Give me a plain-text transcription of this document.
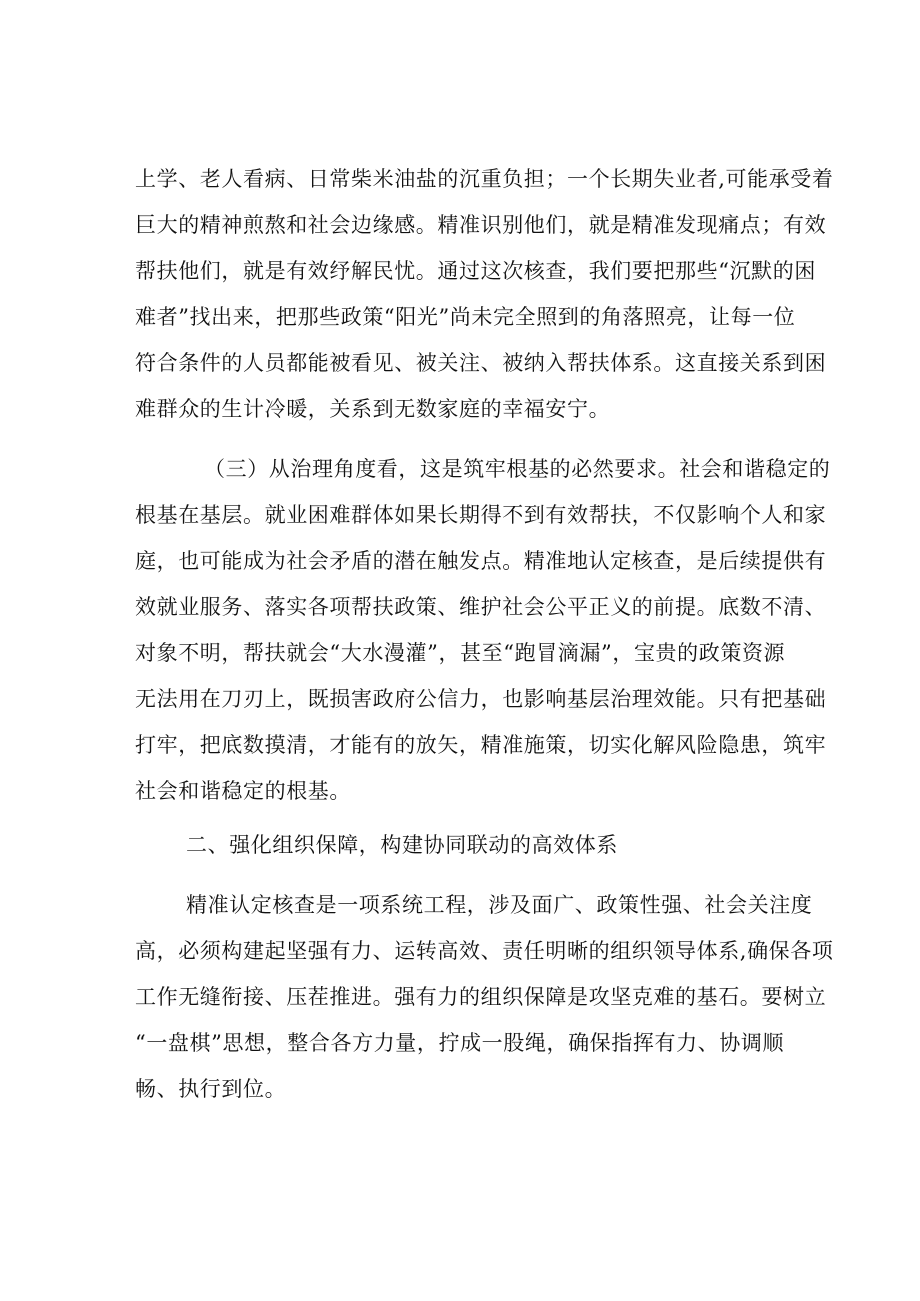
上学、老人看病、日常柴米油盐的沉重负担；一个长期失业者,可能承受着
巨大的精神煎熬和社会边缘感。精准识别他们，就是精准发现痛点；有效
帮扶他们，就是有效纾解民忧。通过这次核查，我们要把那些“沉默的困
难者”找出来，把那些政策“阳光”尚未完全照到的角落照亮，让每一位
符合条件的人员都能被看见、被关注、被纳入帮扶体系。这直接关系到困
难群众的生计冷暖，关系到无数家庭的幸福安宁。
（三）从治理角度看，这是筑牢根基的必然要求。社会和谐稳定的
根基在基层。就业困难群体如果长期得不到有效帮扶，不仅影响个人和家
庭，也可能成为社会矛盾的潜在触发点。精准地认定核查，是后续提供有
效就业服务、落实各项帮扶政策、维护社会公平正义的前提。底数不清、
对象不明，帮扶就会“大水漫灌”，甚至“跑冒滴漏”，宝贵的政策资源
无法用在刀刃上，既损害政府公信力，也影响基层治理效能。只有把基础
打牢，把底数摸清，才能有的放矢，精准施策，切实化解风险隐患，筑牢
社会和谐稳定的根基。
二、强化组织保障，构建协同联动的高效体系
精准认定核查是一项系统工程，涉及面广、政策性强、社会关注度
高，必须构建起坚强有力、运转高效、责任明晰的组织领导体系,确保各项
工作无缝衔接、压茬推进。强有力的组织保障是攻坚克难的基石。要树立
“一盘棋”思想，整合各方力量，拧成一股绳，确保指挥有力、协调顺
畅、执行到位。
